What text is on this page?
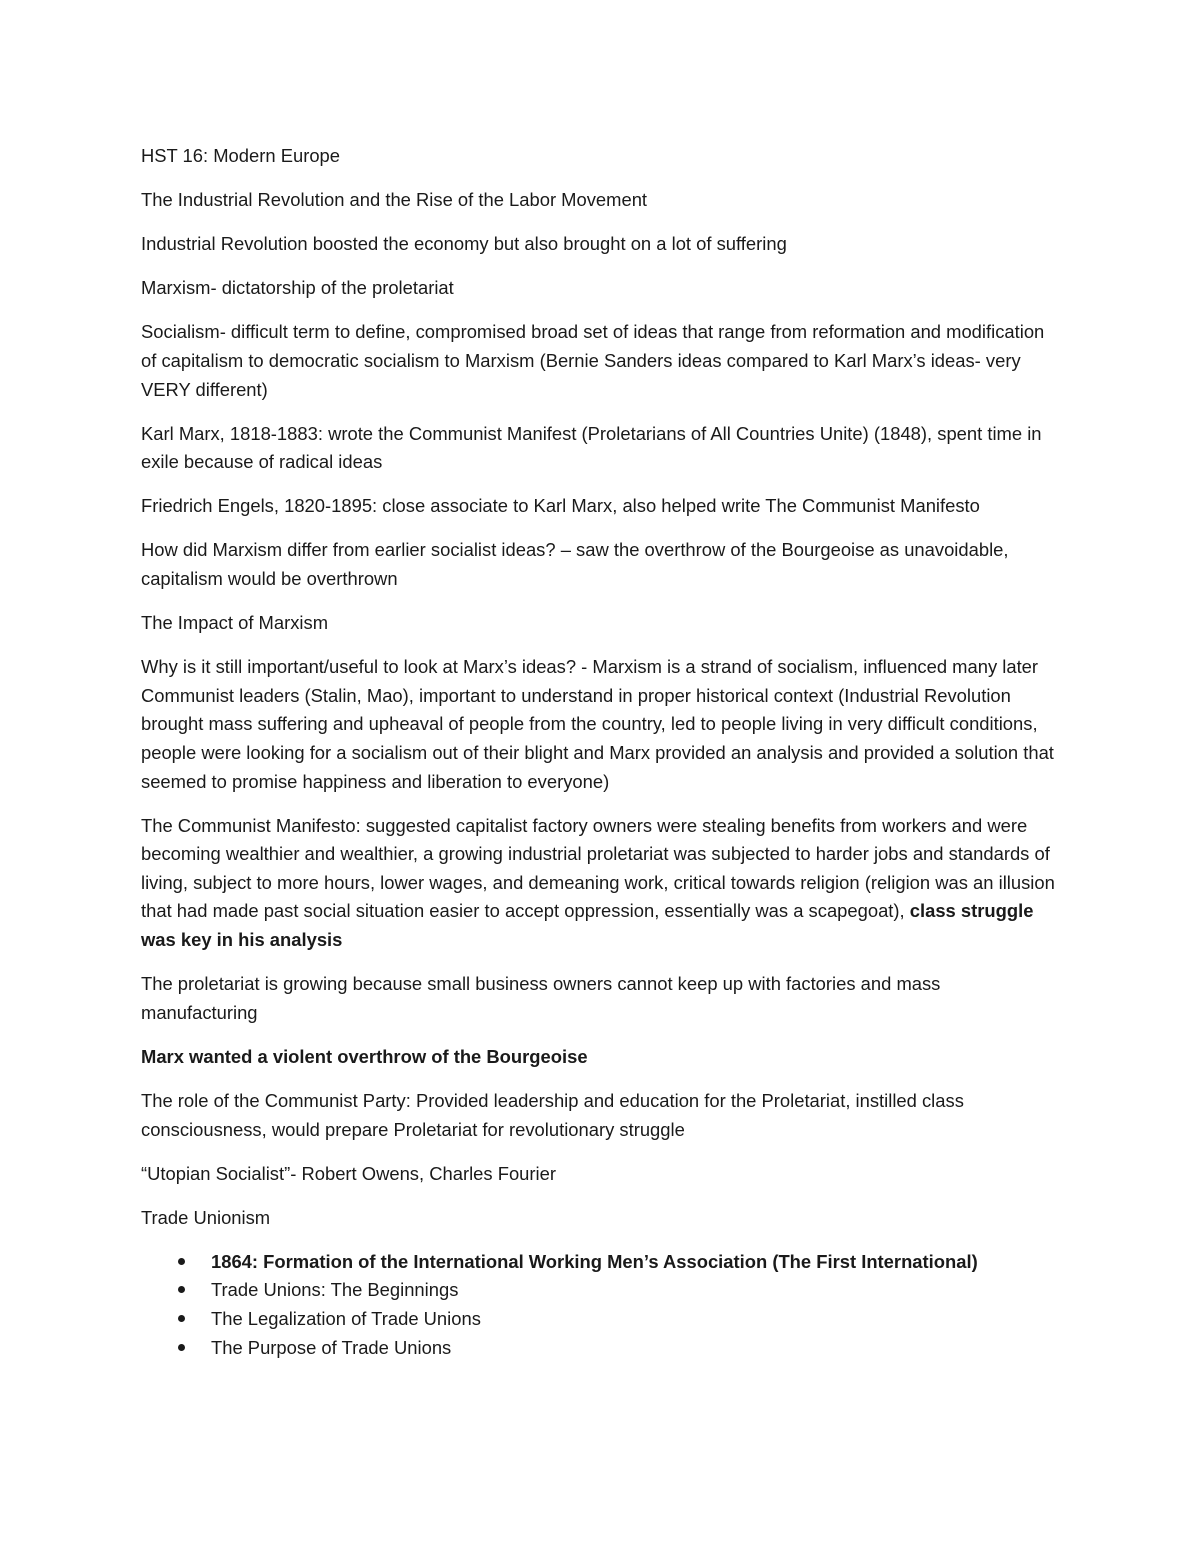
HST 16: Modern Europe

The Industrial Revolution and the Rise of the Labor Movement

Industrial Revolution boosted the economy but also brought on a lot of suffering

Marxism- dictatorship of the proletariat

Socialism- difficult term to define, compromised broad set of ideas that range from reformation and modification of capitalism to democratic socialism to Marxism (Bernie Sanders ideas compared to Karl Marx’s ideas- very VERY different)

Karl Marx, 1818-1883: wrote the Communist Manifest (Proletarians of All Countries Unite) (1848), spent time in exile because of radical ideas

Friedrich Engels, 1820-1895: close associate to Karl Marx, also helped write The Communist Manifesto

How did Marxism differ from earlier socialist ideas? – saw the overthrow of the Bourgeoise as unavoidable, capitalism would be overthrown

The Impact of Marxism

Why is it still important/useful to look at Marx’s ideas? - Marxism is a strand of socialism, influenced many later Communist leaders (Stalin, Mao), important to understand in proper historical context (Industrial Revolution brought mass suffering and upheaval of people from the country, led to people living in very difficult conditions, people were looking for a socialism out of their blight and Marx provided an analysis and provided a solution that seemed to promise happiness and liberation to everyone)

The Communist Manifesto: suggested capitalist factory owners were stealing benefits from workers and were becoming wealthier and wealthier, a growing industrial proletariat was subjected to harder jobs and standards of living, subject to more hours, lower wages, and demeaning work, critical towards religion (religion was an illusion that had made past social situation easier to accept oppression, essentially was a scapegoat), class struggle was key in his analysis

The proletariat is growing because small business owners cannot keep up with factories and mass manufacturing

Marx wanted a violent overthrow of the Bourgeoise

The role of the Communist Party: Provided leadership and education for the Proletariat, instilled class consciousness, would prepare Proletariat for revolutionary struggle

“Utopian Socialist”- Robert Owens, Charles Fourier

Trade Unionism

1864: Formation of the International Working Men’s Association (The First International)
Trade Unions: The Beginnings
The Legalization of Trade Unions
The Purpose of Trade Unions
